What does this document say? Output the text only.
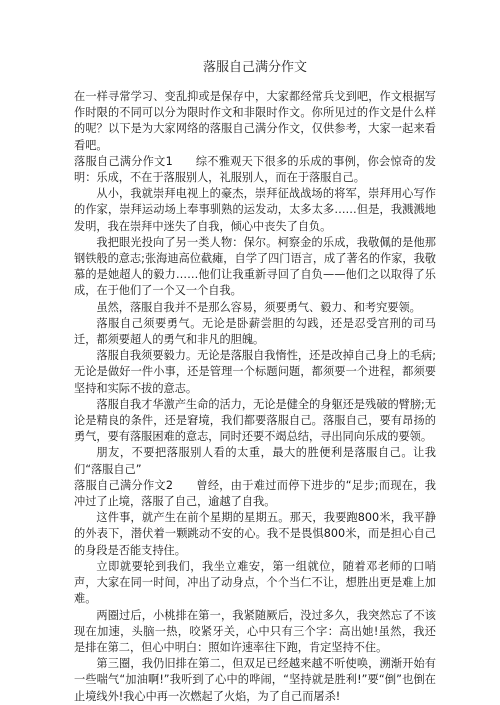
落服自己满分作文

在一样寻常学习、变乱抑或是保存中，大家都经常兵戈到吧，作文根据写作时限的不同可以分为限时作文和非限时作文。你所见过的作文是什么样的呢？以下是为大家网络的落服自己满分作文，仅供参考，大家一起来看看吧。

落服自己满分作文1　　综不雅观天下很多的乐成的事例，你会惊奇的发明：乐成，不在于落服别人，礼服别人，而在于落服自己。

从小，我就崇拜电视上的豪杰，崇拜征战战场的将军，崇拜用心写作的作家，崇拜运动场上奉事驯熟的运发动，太多太多……但是，我溅溅地发明，我在崇拜中迷失了自我，倾心中丧失了自负。

我把眼光投向了另一类人物：保尔。柯察金的乐成，我敬佩的是他那钢铁般的意志;张海迪高位截瘫，自学了四门语言，成了著名的作家，我敬慕的是她超人的毅力……他们让我重新寻回了自负——他们之以取得了乐成，在于他们了一个又一个自我。

虽然，落服自我并不是那么容易，须要勇气、毅力、和考究要领。

落服自己须要勇气。无论是卧薪尝胆的勾践，还是忍受宫刑的司马迁，都须要超人的勇气和非凡的胆魄。

落服自我须要毅力。无论是落服自我惰性，还是改掉自己身上的毛病;无论是做好一件小事，还是管理一个标题问题，都须要一个进程，都须要坚持和实际不拔的意志。

落服自我才华激产生命的活力，无论是健全的身躯还是残破的臂膀;无论是精良的条件，还是窘境，我们都要落服自己。落服自己，要有昂扬的勇气，要有落服困难的意志，同时还要不竭总结，寻出同向乐成的要领。

朋友，不要把落服别人看的太重，最大的胜便利是落服自己。让我们“落服自己”

落服自己满分作文2　　曾经，由于难过而停下进步的“足步;而现在，我冲过了止境，落服了自己，逾越了自我。

这件事，就产生在前个星期的星期五。那天，我要跑800米，我平静的外表下，潜伏着一颗跳动不安的心。我不是畏惧800米，而是担心自己的身段是否能支持住。

立即就要轮到我们，我坐立难安，第一组就位，随着邓老师的口哨声，大家在同一时间，冲出了动身点，个个当仁不让，想胜出更是难上加难。

两圈过后，小桃排在第一，我紧随厥后，没过多久，我突然忘了不该现在加速，头脑一热，咬紧牙关，心中只有三个字：高出她!虽然，我还是排在第二，但心中明白：照如许速率往下跑，肯定坚持不住。

第三圈，我仍旧排在第二，但双足已经越来越不听使唤，溯渐开始有一些喘气“加油啊!”我听到了心中的哗闹，“坚持就是胜利!”要“倒”也倒在止境线外!我心中再一次燃起了火焰，为了自己而屠杀!
